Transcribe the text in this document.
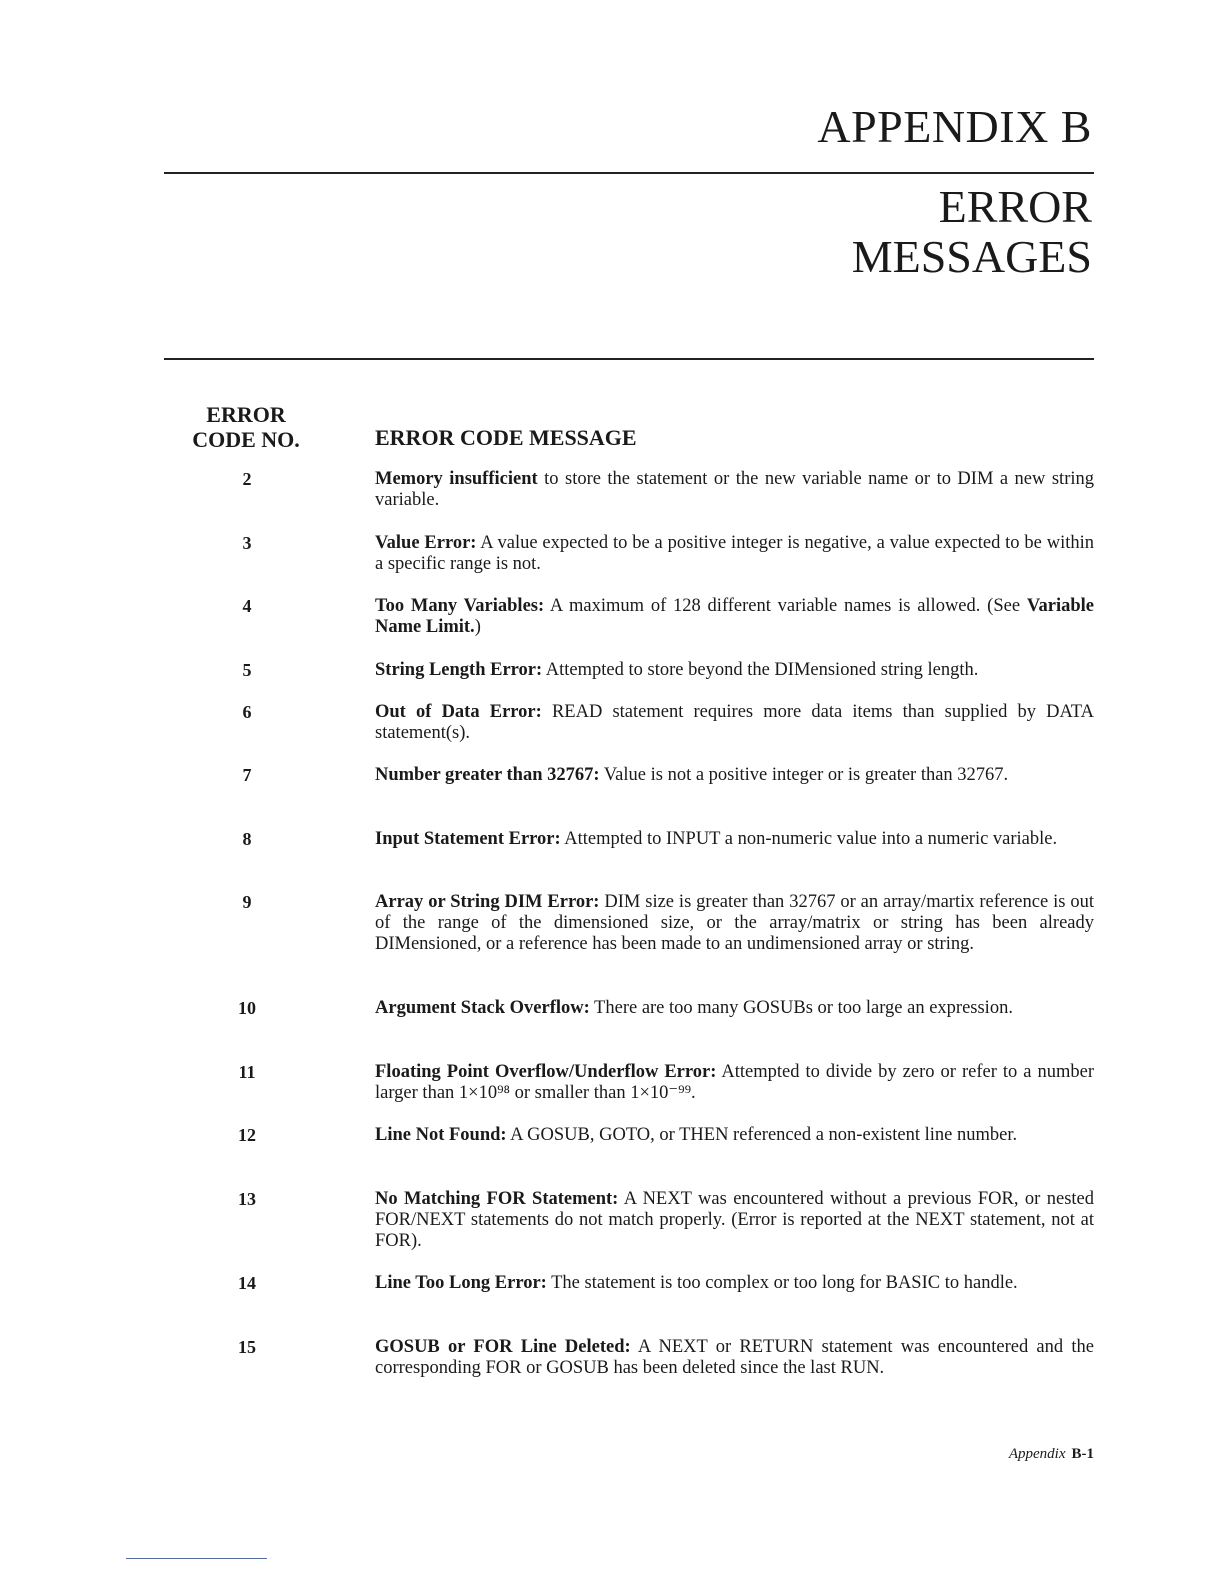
APPENDIX B
ERROR
MESSAGES
ERROR
CODE NO.	ERROR CODE MESSAGE
2	Memory insufficient to store the statement or the new variable name or to DIM a new string variable.
3	Value Error: A value expected to be a positive integer is negative, a value expected to be within a specific range is not.
4	Too Many Variables: A maximum of 128 different variable names is allowed. (See Variable Name Limit.)
5	String Length Error: Attempted to store beyond the DIMensioned string length.
6	Out of Data Error: READ statement requires more data items than supplied by DATA statement(s).
7	Number greater than 32767: Value is not a positive integer or is greater than 32767.
8	Input Statement Error: Attempted to INPUT a non-numeric value into a numeric variable.
9	Array or String DIM Error: DIM size is greater than 32767 or an array/martix reference is out of the range of the dimensioned size, or the array/matrix or string has been already DIMensioned, or a reference has been made to an undimensioned array or string.
10	Argument Stack Overflow: There are too many GOSUBs or too large an expression.
11	Floating Point Overflow/Underflow Error: Attempted to divide by zero or refer to a number larger than 1×10⁹⁸ or smaller than 1×10⁻⁹⁹.
12	Line Not Found: A GOSUB, GOTO, or THEN referenced a non-existent line number.
13	No Matching FOR Statement: A NEXT was encountered without a previous FOR, or nested FOR/NEXT statements do not match properly. (Error is reported at the NEXT statement, not at FOR).
14	Line Too Long Error: The statement is too complex or too long for BASIC to handle.
15	GOSUB or FOR Line Deleted: A NEXT or RETURN statement was encountered and the corresponding FOR or GOSUB has been deleted since the last RUN.
Appendix B-1
